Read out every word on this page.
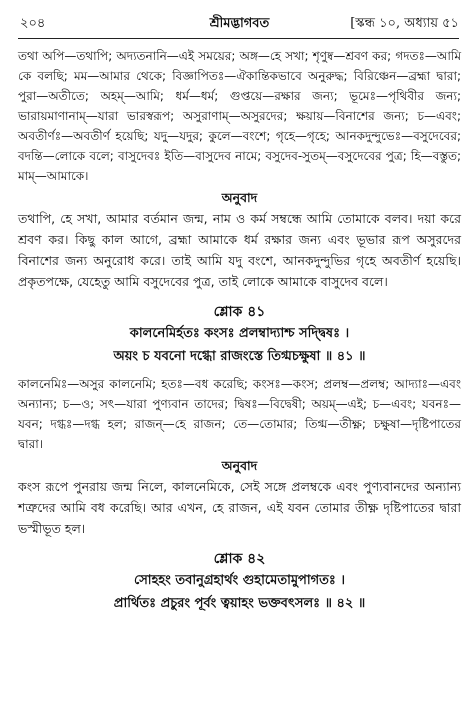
২০৪	শ্রীমদ্ভাগবত	[স্কন্ধ ১০, অধ্যায় ৫১

তথা অপি—তথাপি; অদ্যতনানি—এই সময়ের; অঙ্গ—হে সখা; শৃণুষ্ব—শ্রবণ কর; গদতঃ—আমি কে বলছি; মম—আমার থেকে; বিজ্ঞাপিতঃ—ঐকান্তিকভাবে অনুরুদ্ধ; বিরিঞ্চেন—ব্রহ্মা দ্বারা; পুরা—অতীতে; অহম্—আমি; ধর্ম—ধর্ম; গুপ্তয়ে—রক্ষার জন্য; ভূমেঃ—পৃথিবীর জন্য; ভারায়মাণানাম্—যারা ভারস্বরূপ; অসুরাণাম্—অসুরদের; ক্ষয়ায়—বিনাশের জন্য; চ—এবং; অবতীর্ণঃ—অবতীর্ণ হয়েছি; যদু—যদুর; কুলে—বংশে; গৃহে—গৃহে; আনকদুন্দুভেঃ—বসুদেবের; বদন্তি—লোকে বলে; বাসুদেবঃ ইতি—বাসুদেব নামে; বসুদেব-সুতম্—বসুদেবের পুত্র; হি—বস্তুত; মাম্—আমাকে।

অনুবাদ

তথাপি, হে সখা, আমার বর্তমান জন্ম, নাম ও কর্ম সম্বন্ধে আমি তোমাকে বলব। দয়া করে শ্রবণ কর। কিছু কাল আগে, ব্রহ্মা আমাকে ধর্ম রক্ষার জন্য এবং ভূভার রূপ অসুরদের বিনাশের জন্য অনুরোধ করে। তাই আমি যদু বংশে, আনকদুন্দুভির গৃহে অবতীর্ণ হয়েছি। প্রকৃতপক্ষে, যেহেতু আমি বসুদেবের পুত্র, তাই লোকে আমাকে বাসুদেব বলে।

শ্লোক ৪১
কালনেমির্হতঃ কংসঃ প্রলম্বাদ্যাশ্চ সদ্দ্বিষঃ ।
অয়ং চ যবনো দগ্ধো রাজংস্তে তিগ্মচক্ষুষা ॥ ৪১ ॥

কালনেমিঃ—অসুর কালনেমি; হতঃ—বধ করেছি; কংসঃ—কংস; প্রলম্ব—প্রলম্ব; আদ্যাঃ—এবং অন্যান্য; চ—ও; সৎ—যারা পুণ্যবান তাদের; দ্বিষঃ—বিদ্বেষী; অয়ম্—এই; চ—এবং; যবনঃ—যবন; দগ্ধঃ—দগ্ধ হল; রাজন্—হে রাজন; তে—তোমার; তিগ্ম—তীক্ষ্ণ; চক্ষুষা—দৃষ্টিপাতের দ্বারা।

অনুবাদ

কংস রূপে পুনরায় জন্ম নিলে, কালনেমিকে, সেই সঙ্গে প্রলম্বকে এবং পুণ্যবানদের অন্যান্য শত্রুদের আমি বধ করেছি। আর এখন, হে রাজন, এই যবন তোমার তীক্ষ্ণ দৃষ্টিপাতের দ্বারা ভস্মীভূত হল।

শ্লোক ৪২
সোহহং তবানুগ্রহার্থং গুহামেতামুপাগতঃ ।
প্রার্থিতঃ প্রচুরং পূর্বং ত্বয়াহং ভক্তবৎসলঃ ॥ ৪২ ॥
